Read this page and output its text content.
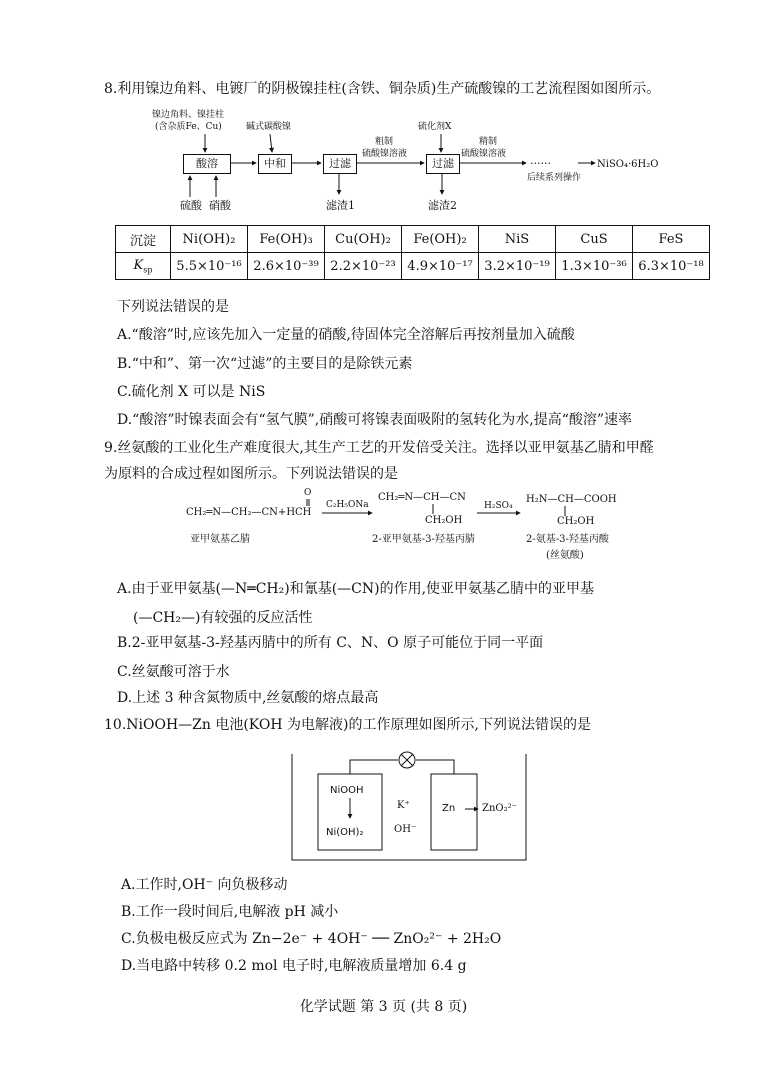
8.利用镍边角料、电镀厂的阴极镍挂柱(含铁、铜杂质)生产硫酸镍的工艺流程图如图所示。
镍边角料、镍挂柱
(含杂质Fe、Cu)	碱式碳酸镍	硫化剂X
粗制
硫酸镍溶液
精制
硫酸镍溶液
酸溶	中和	过滤	过滤	······	NiSO₄·6H₂O
后续系列操作
硫酸 硝酸	滤渣1	滤渣2
沉淀	Ni(OH)₂	Fe(OH)₃	Cu(OH)₂	Fe(OH)₂	NiS	CuS	FeS
$K_{sp}$	5.5×10⁻¹⁶	2.6×10⁻³⁹	2.2×10⁻²³	4.9×10⁻¹⁷	3.2×10⁻¹⁹	1.3×10⁻³⁶	6.3×10⁻¹⁸
下列说法错误的是
A.“酸溶”时,应该先加入一定量的硝酸,待固体完全溶解后再按剂量加入硫酸
B.“中和”、第一次“过滤”的主要目的是除铁元素
C.硫化剂 X 可以是 NiS
D.“酸溶”时镍表面会有“氢气膜”,硝酸可将镍表面吸附的氢转化为水,提高“酸溶”速率
9.丝氨酸的工业化生产难度很大,其生产工艺的开发倍受关注。选择以亚甲氨基乙腈和甲醛
为原料的合成过程如图所示。下列说法错误的是
O
CH₂═N—CH₂—CN+HCH
C₂H₅ONa
CH₂═N—CH—CN
CH₂OH
H₂SO₄
H₂N—CH—COOH
CH₂OH
亚甲氨基乙腈	2-亚甲氨基-3-羟基丙腈	2-氨基-3-羟基丙酸
(丝氨酸)
A.由于亚甲氨基(—N═CH₂)和氰基(—CN)的作用,使亚甲氨基乙腈中的亚甲基
(—CH₂—)有较强的反应活性
B.2-亚甲氨基-3-羟基丙腈中的所有 C、N、O 原子可能位于同一平面
C.丝氨酸可溶于水
D.上述 3 种含氮物质中,丝氨酸的熔点最高
10.NiOOH—Zn 电池(KOH 为电解液)的工作原理如图所示,下列说法错误的是
NiOOH
Ni(OH)₂
K⁺
OH⁻
Zn	ZnO₂²⁻
A.工作时,OH⁻ 向负极移动
B.工作一段时间后,电解液 pH 减小
C.负极电极反应式为 Zn−2e⁻ + 4OH⁻ ── ZnO₂²⁻ + 2H₂O
D.当电路中转移 0.2 mol 电子时,电解液质量增加 6.4 g
化学试题 第 3 页 (共 8 页)
